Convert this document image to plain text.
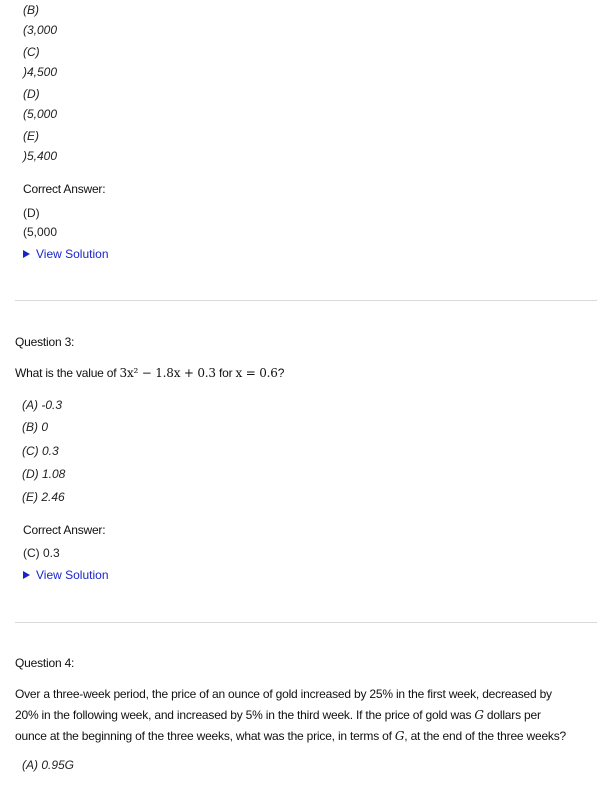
(B)
(3,000
(C)
)4,500
(D)
(5,000
(E)
)5,400
Correct Answer:
(D)
(5,000
View Solution
Question 3:
What is the value of 3x² − 1.8x + 0.3 for x = 0.6?
(A) -0.3
(B) 0
(C) 0.3
(D) 1.08
(E) 2.46
Correct Answer:
(C) 0.3
View Solution
Question 4:
Over a three-week period, the price of an ounce of gold increased by 25% in the first week, decreased by
20% in the following week, and increased by 5% in the third week. If the price of gold was G dollars per
ounce at the beginning of the three weeks, what was the price, in terms of G, at the end of the three weeks?
(A) 0.95G
